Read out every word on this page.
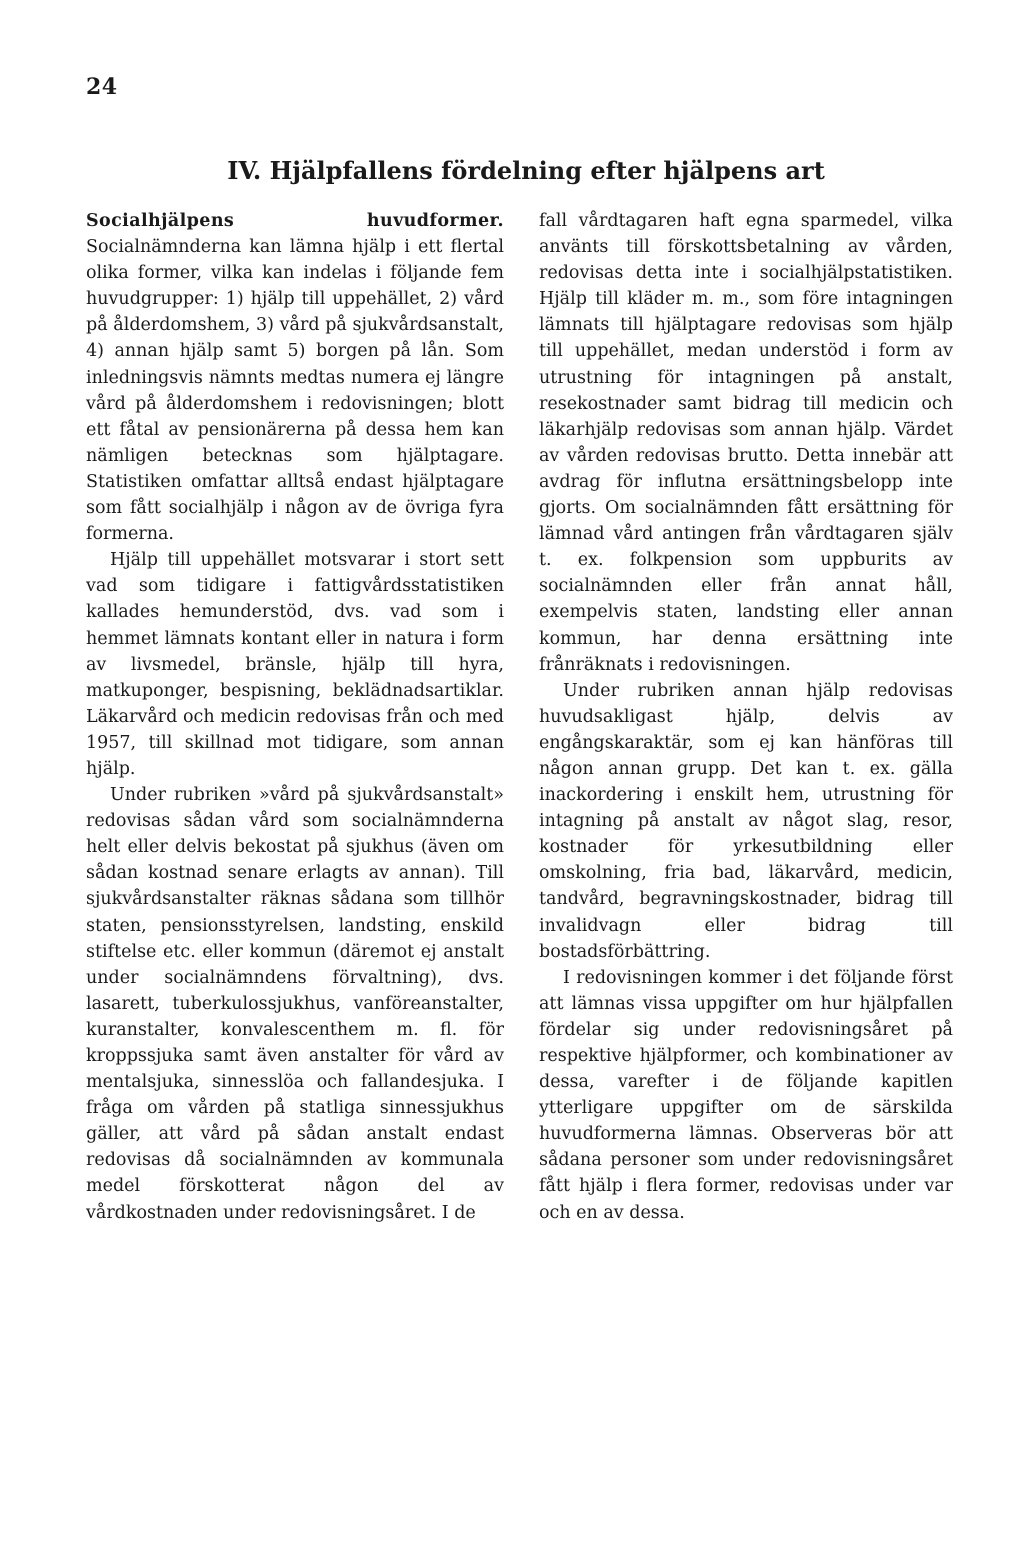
24
IV. Hjälpfallens fördelning efter hjälpens art

Socialhjälpens huvudformer. Socialnämnderna kan lämna hjälp i ett flertal olika former, vilka kan indelas i följande fem huvudgrupper: 1) hjälp till uppehället, 2) vård på ålderdomshem, 3) vård på sjukvårdsanstalt, 4) annan hjälp samt 5) borgen på lån. Som inledningsvis nämnts medtas numera ej längre vård på ålderdomshem i redovisningen; blott ett fåtal av pensionärerna på dessa hem kan nämligen betecknas som hjälptagare. Statistiken omfattar alltså endast hjälptagare som fått socialhjälp i någon av de övriga fyra formerna.

Hjälp till uppehället motsvarar i stort sett vad som tidigare i fattigvårdsstatistiken kallades hemunderstöd, dvs. vad som i hemmet lämnats kontant eller in natura i form av livsmedel, bränsle, hjälp till hyra, matkuponger, bespisning, beklädnadsartiklar. Läkarvård och medicin redovisas från och med 1957, till skillnad mot tidigare, som annan hjälp.

Under rubriken »vård på sjukvårdsanstalt» redovisas sådan vård som socialnämnderna helt eller delvis bekostat på sjukhus (även om sådan kostnad senare erlagts av annan). Till sjukvårdsanstalter räknas sådana som tillhör staten, pensionsstyrelsen, landsting, enskild stiftelse etc. eller kommun (däremot ej anstalt under socialnämndens förvaltning), dvs. lasarett, tuberkulossjukhus, vanföreanstalter, kuranstalter, konvalescenthem m. fl. för kroppssjuka samt även anstalter för vård av mentalsjuka, sinnesslöa och fallandesjuka. I fråga om vården på statliga sinnessjukhus gäller, att vård på sådan anstalt endast redovisas då socialnämnden av kommunala medel förskotterat någon del av vårdkostnaden under redovisningsåret. I de

fall vårdtagaren haft egna sparmedel, vilka använts till förskottsbetalning av vården, redovisas detta inte i socialhjälpstatistiken. Hjälp till kläder m. m., som före intagningen lämnats till hjälptagare redovisas som hjälp till uppehället, medan understöd i form av utrustning för intagningen på anstalt, resekostnader samt bidrag till medicin och läkarhjälp redovisas som annan hjälp. Värdet av vården redovisas brutto. Detta innebär att avdrag för influtna ersättningsbelopp inte gjorts. Om socialnämnden fått ersättning för lämnad vård antingen från vårdtagaren själv t. ex. folkpension som uppburits av socialnämnden eller från annat håll, exempelvis staten, landsting eller annan kommun, har denna ersättning inte frånräknats i redovisningen.

Under rubriken annan hjälp redovisas huvudsakligast hjälp, delvis av engångskaraktär, som ej kan hänföras till någon annan grupp. Det kan t. ex. gälla inackordering i enskilt hem, utrustning för intagning på anstalt av något slag, resor, kostnader för yrkesutbildning eller omskolning, fria bad, läkarvård, medicin, tandvård, begravningskostnader, bidrag till invalidvagn eller bidrag till bostadsförbättring.

I redovisningen kommer i det följande först att lämnas vissa uppgifter om hur hjälpfallen fördelar sig under redovisningsåret på respektive hjälpformer, och kombinationer av dessa, varefter i de följande kapitlen ytterligare uppgifter om de särskilda huvudformerna lämnas. Observeras bör att sådana personer som under redovisningsåret fått hjälp i flera former, redovisas under var och en av dessa.
